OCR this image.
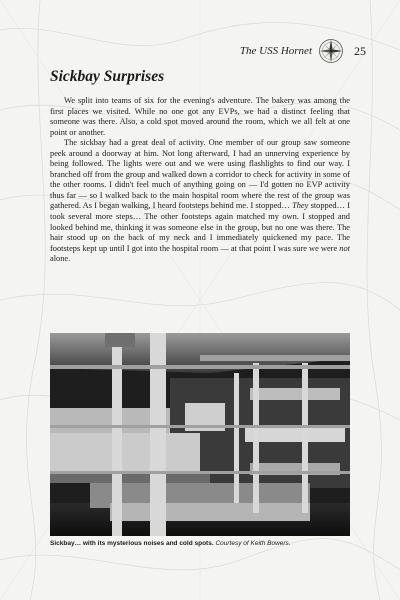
The USS Hornet	25
Sickbay Surprises

We split into teams of six for the evening's adventure. The bakery was among the first places we visited. While no one got any EVPs, we had a distinct feeling that someone was there. Also, a cold spot moved around the room, which we all felt at one point or another.

The sickbay had a great deal of activity. One member of our group saw someone peek around a doorway at him. Not long afterward, I had an unnerving experience by being followed. The lights were out and we were using flashlights to find our way. I branched off from the group and walked down a corridor to check for activity in some of the other rooms. I didn't feel much of anything going on — I'd gotten no EVP activity thus far — so I walked back to the main hospital room where the rest of the group was gathered. As I began walking, I heard footsteps behind me. I stopped… They stopped… I took several more steps… The other footsteps again matched my own. I stopped and looked behind me, thinking it was someone else in the group, but no one was there. The hair stood up on the back of my neck and I immediately quickened my pace. The footsteps kept up until I got into the hospital room — at that point I was sure we were not alone.

Sickbay… with its mysterious noises and cold spots. Courtesy of Keith Bowers.
